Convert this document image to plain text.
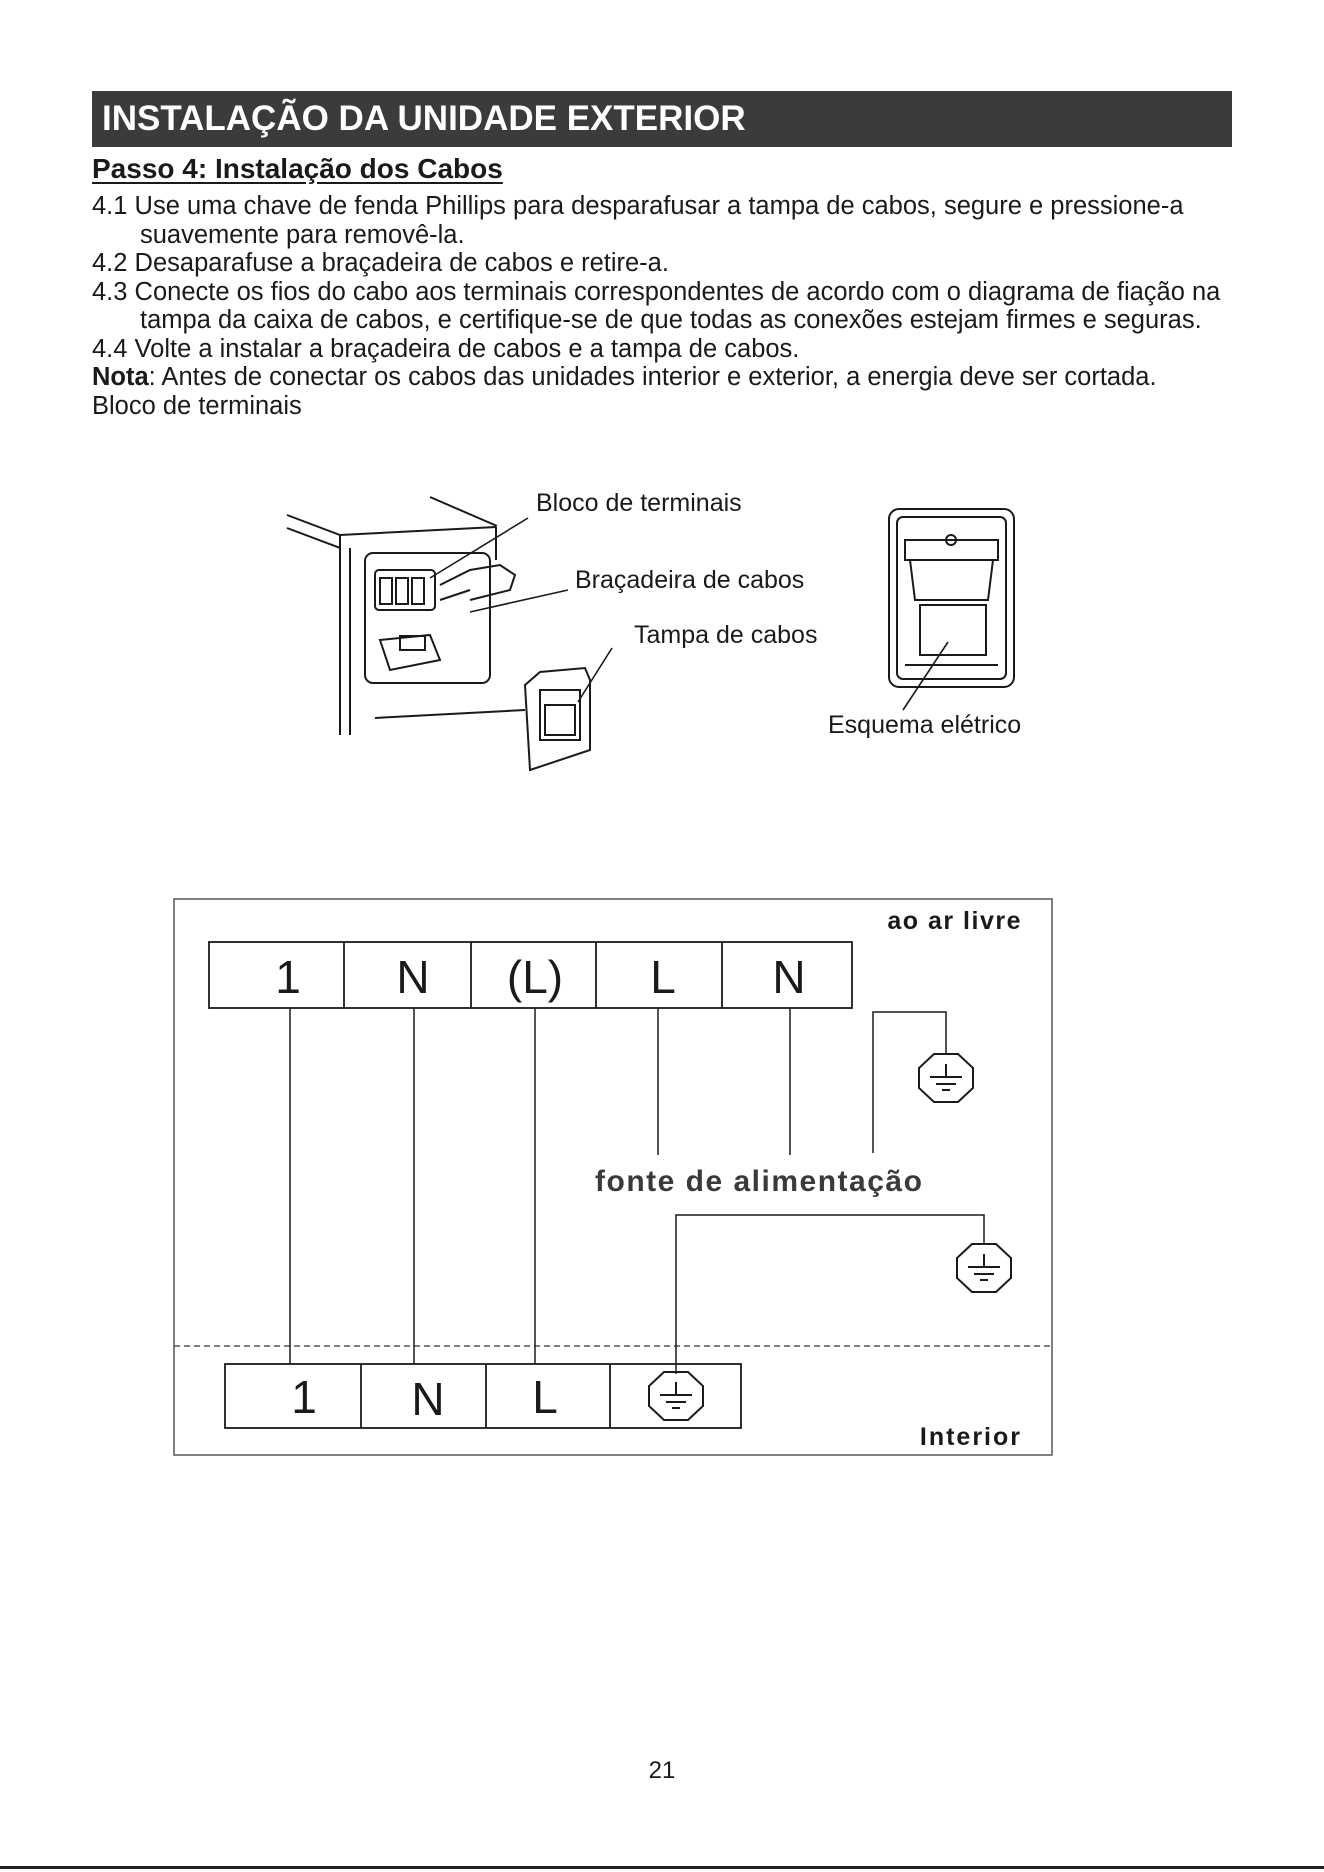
INSTALAÇÃO DA UNIDADE EXTERIOR
Passo 4: Instalação dos Cabos
4.1 Use uma chave de fenda Phillips para desparafusar a tampa de cabos, segure e pressione-a suavemente para removê-la.
4.2 Desaparafuse a braçadeira de cabos e retire-a.
4.3 Conecte os fios do cabo aos terminais correspondentes de acordo com o diagrama de fiação na tampa da caixa de cabos, e certifique-se de que todas as conexões estejam firmes e seguras.
4.4 Volte a instalar a braçadeira de cabos e a tampa de cabos.
Nota: Antes de conectar os cabos das unidades interior e exterior, a energia deve ser cortada.
Bloco de terminais
Bloco de terminais
Braçadeira de cabos
Tampa de cabos
Esquema elétrico
1 N (L) L N
1 N L
ao ar livre
fonte de alimentação
Interior
21
